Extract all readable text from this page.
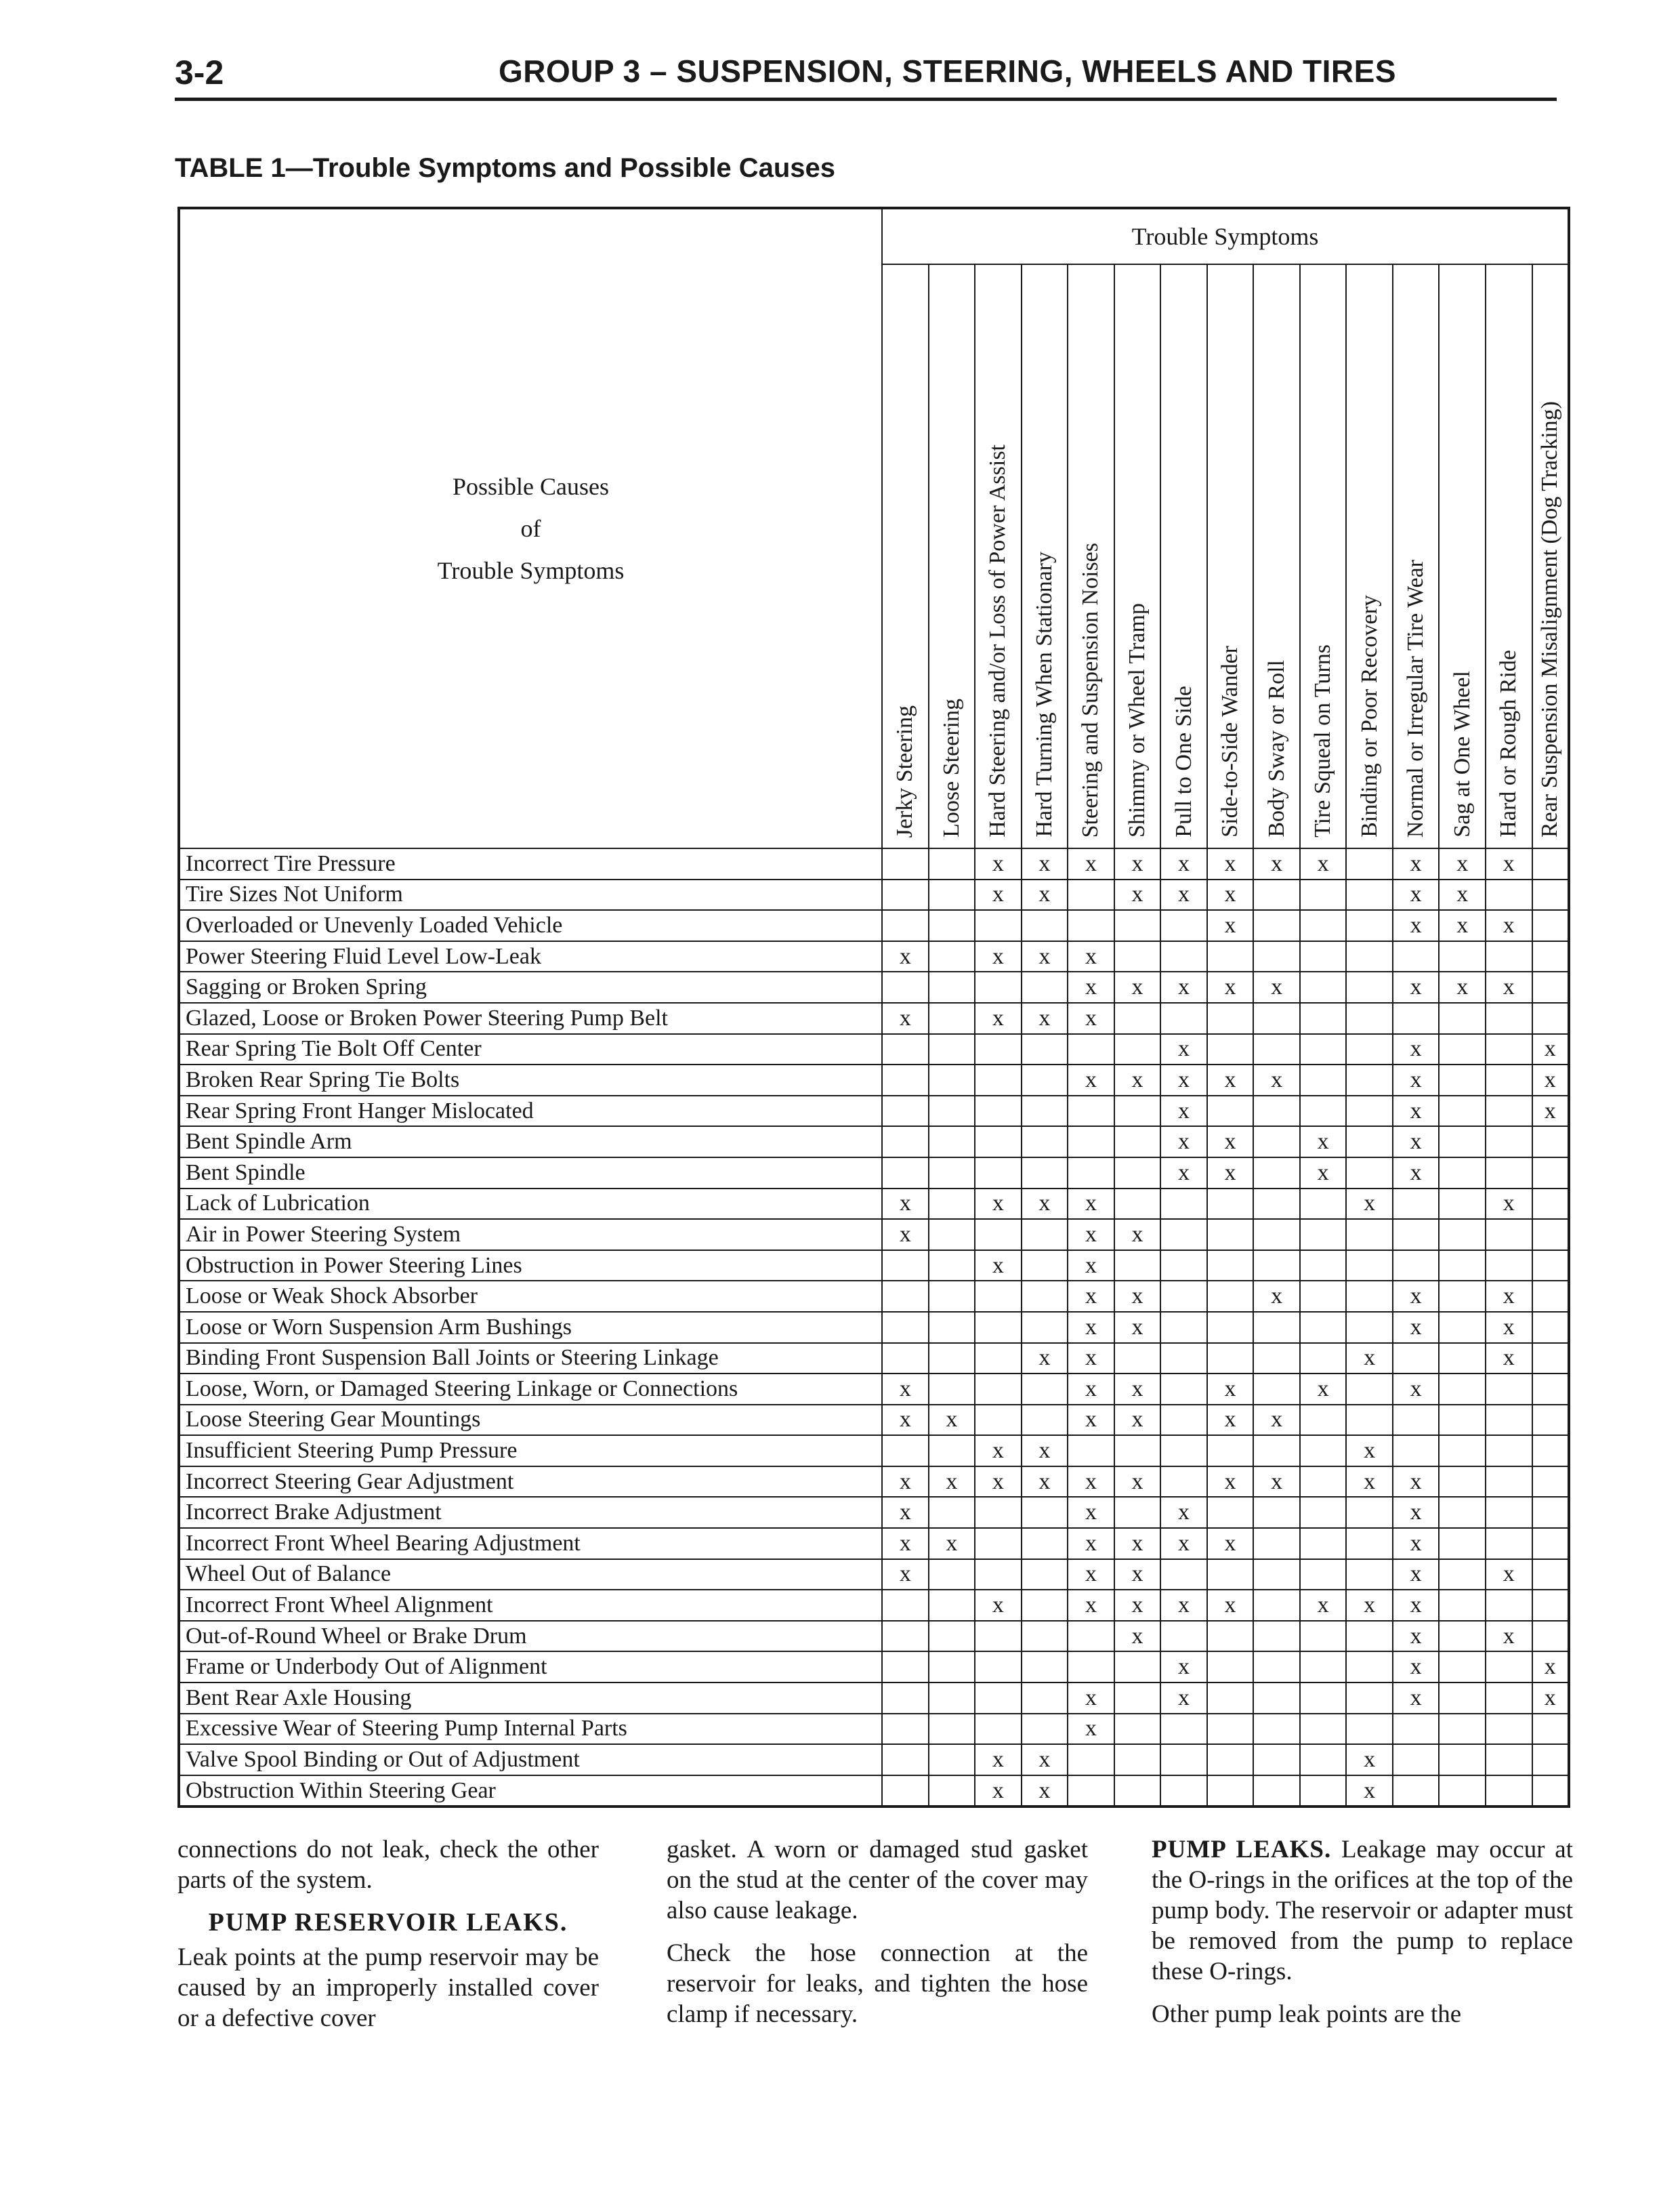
3-2	GROUP 3 – SUSPENSION, STEERING, WHEELS AND TIRES
TABLE 1—Trouble Symptoms and Possible Causes
Possible Causes
of
Trouble Symptoms	Trouble Symptoms														
	Jerky Steering	Loose Steering	Hard Steering and/or Loss of Power Assist	Hard Turning When Stationary	Steering and Suspension Noises	Shimmy or Wheel Tramp	Pull to One Side	Side-to-Side Wander	Body Sway or Roll	Tire Squeal on Turns	Binding or Poor Recovery	Normal or Irregular Tire Wear	Sag at One Wheel	Hard or Rough Ride	Rear Suspension Misalignment (Dog Tracking)
Incorrect Tire Pressure			x	x	x	x	x	x	x	x		x	x	x	
Tire Sizes Not Uniform			x	x		x	x	x				x	x		
Overloaded or Unevenly Loaded Vehicle								x				x	x	x	
Power Steering Fluid Level Low-Leak	x		x	x	x										
Sagging or Broken Spring					x	x	x	x	x			x	x	x	
Glazed, Loose or Broken Power Steering Pump Belt	x		x	x	x										
Rear Spring Tie Bolt Off Center							x					x			x
Broken Rear Spring Tie Bolts					x	x	x	x	x			x			x
Rear Spring Front Hanger Mislocated							x					x			x
Bent Spindle Arm							x	x		x		x			
Bent Spindle							x	x		x		x			
Lack of Lubrication	x		x	x	x						x			x	
Air in Power Steering System	x				x	x									
Obstruction in Power Steering Lines			x		x										
Loose or Weak Shock Absorber					x	x			x			x		x	
Loose or Worn Suspension Arm Bushings					x	x						x		x	
Binding Front Suspension Ball Joints or Steering Linkage				x	x						x			x	
Loose, Worn, or Damaged Steering Linkage or Connections	x				x	x		x		x		x			
Loose Steering Gear Mountings	x	x			x	x		x	x						
Insufficient Steering Pump Pressure			x	x							x				
Incorrect Steering Gear Adjustment	x	x	x	x	x	x		x	x		x	x			
Incorrect Brake Adjustment	x				x		x					x			
Incorrect Front Wheel Bearing Adjustment	x	x			x	x	x	x				x			
Wheel Out of Balance	x				x	x						x		x	
Incorrect Front Wheel Alignment			x		x	x	x	x		x	x	x			
Out-of-Round Wheel or Brake Drum						x						x		x	
Frame or Underbody Out of Alignment							x					x			x
Bent Rear Axle Housing					x		x					x			x
Excessive Wear of Steering Pump Internal Parts					x										
Valve Spool Binding or Out of Adjustment			x	x							x				
Obstruction Within Steering Gear			x	x							x				

connections do not leak, check the other parts of the system.

PUMP RESERVOIR LEAKS.

Leak points at the pump reservoir may be caused by an improperly installed cover or a defective cover

gasket. A worn or damaged stud gasket on the stud at the center of the cover may also cause leakage.

Check the hose connection at the reservoir for leaks, and tighten the hose clamp if necessary.

PUMP LEAKS. Leakage may occur at the O-rings in the orifices at the top of the pump body. The reservoir or adapter must be removed from the pump to replace these O-rings.

Other pump leak points are the
